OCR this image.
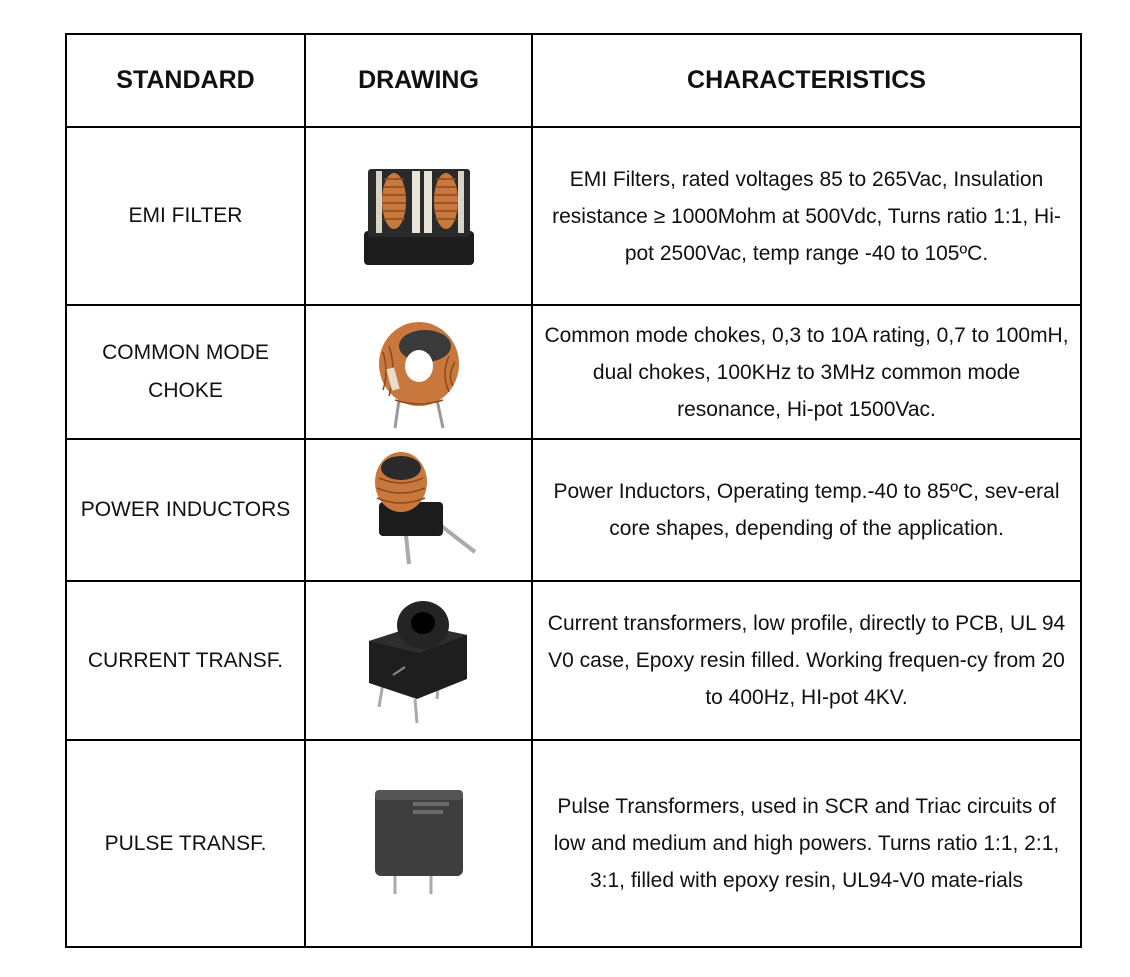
STANDARD	DRAWING	CHARACTERISTICS
EMI FILTER		EMI Filters, rated voltages 85 to 265Vac, Insulation resistance ≥ 1000Mohm at 500Vdc, Turns ratio 1:1, Hi-pot 2500Vac, temp range -40 to 105ºC.
COMMON MODE CHOKE		Common mode chokes, 0,3 to 10A rating, 0,7 to 100mH, dual chokes, 100KHz to 3MHz common mode resonance, Hi-pot 1500Vac.
POWER INDUCTORS		Power Inductors, Operating temp.-40 to 85ºC, sev-eral core shapes, depending of the application.
CURRENT TRANSF.		Current transformers, low profile, directly to PCB, UL 94 V0 case, Epoxy resin filled. Working frequen-cy from 20 to 400Hz, HI-pot 4KV.
PULSE TRANSF.		Pulse Transformers, used in SCR and Triac circuits of low and medium and high powers. Turns ratio 1:1, 2:1, 3:1, filled with epoxy resin, UL94-V0 mate-rials
